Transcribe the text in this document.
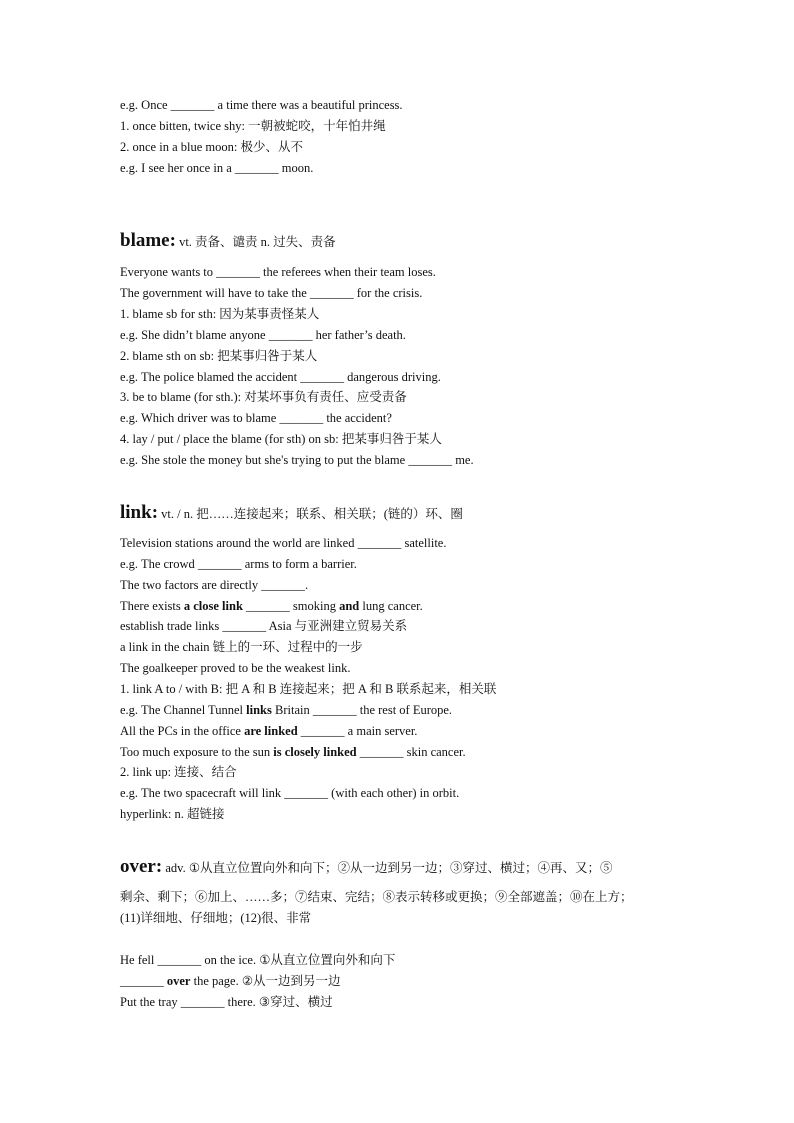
e.g. Once _______ a time there was a beautiful princess.
1. once bitten, twice shy: 一朝被蛇咬，十年怕井绳
2. once in a blue moon: 极少、从不
e.g. I see her once in a _______ moon.
blame: vt. 责备、谴责 n. 过失、责备
Everyone wants to _______ the referees when their team loses.
The government will have to take the _______ for the crisis.
1. blame sb for sth: 因为某事责怪某人
e.g. She didn’t blame anyone _______ her father’s death.
2. blame sth on sb: 把某事归咎于某人
e.g. The police blamed the accident _______ dangerous driving.
3. be to blame (for sth.): 对某坏事负有责任、应受责备
e.g. Which driver was to blame _______ the accident?
4. lay / put / place the blame (for sth) on sb: 把某事归咎于某人
e.g. She stole the money but she's trying to put the blame _______ me.
link: vt. / n. 把……连接起来；联系、相关联；(链的）环、圈
Television stations around the world are linked _______ satellite.
e.g. The crowd _______ arms to form a barrier.
The two factors are directly _______.
There exists a close link _______ smoking and lung cancer.
establish trade links _______ Asia 与亚洲建立贸易关系
a link in the chain 链上的一环、过程中的一步
The goalkeeper proved to be the weakest link.
1. link A to / with B: 把 A 和 B 连接起来；把 A 和 B 联系起来，相关联
e.g. The Channel Tunnel links Britain _______ the rest of Europe.
All the PCs in the office are linked _______ a main server.
Too much exposure to the sun is closely linked _______ skin cancer.
2. link up: 连接、结合
e.g. The two spacecraft will link _______ (with each other) in orbit.
hyperlink: n. 超链接
over: adv. ①从直立位置向外和向下；②从一边到另一边；③穿过、横过；④再、又；⑤
剩余、剩下；⑥加上、……多；⑦结束、完结；⑧表示转移或更换；⑨全部遮盖；⑩在上方；
(11)详细地、仔细地；(12)很、非常
He fell _______ on the ice. ①从直立位置向外和向下
_______ over the page. ②从一边到另一边
Put the tray _______ there. ③穿过、横过
